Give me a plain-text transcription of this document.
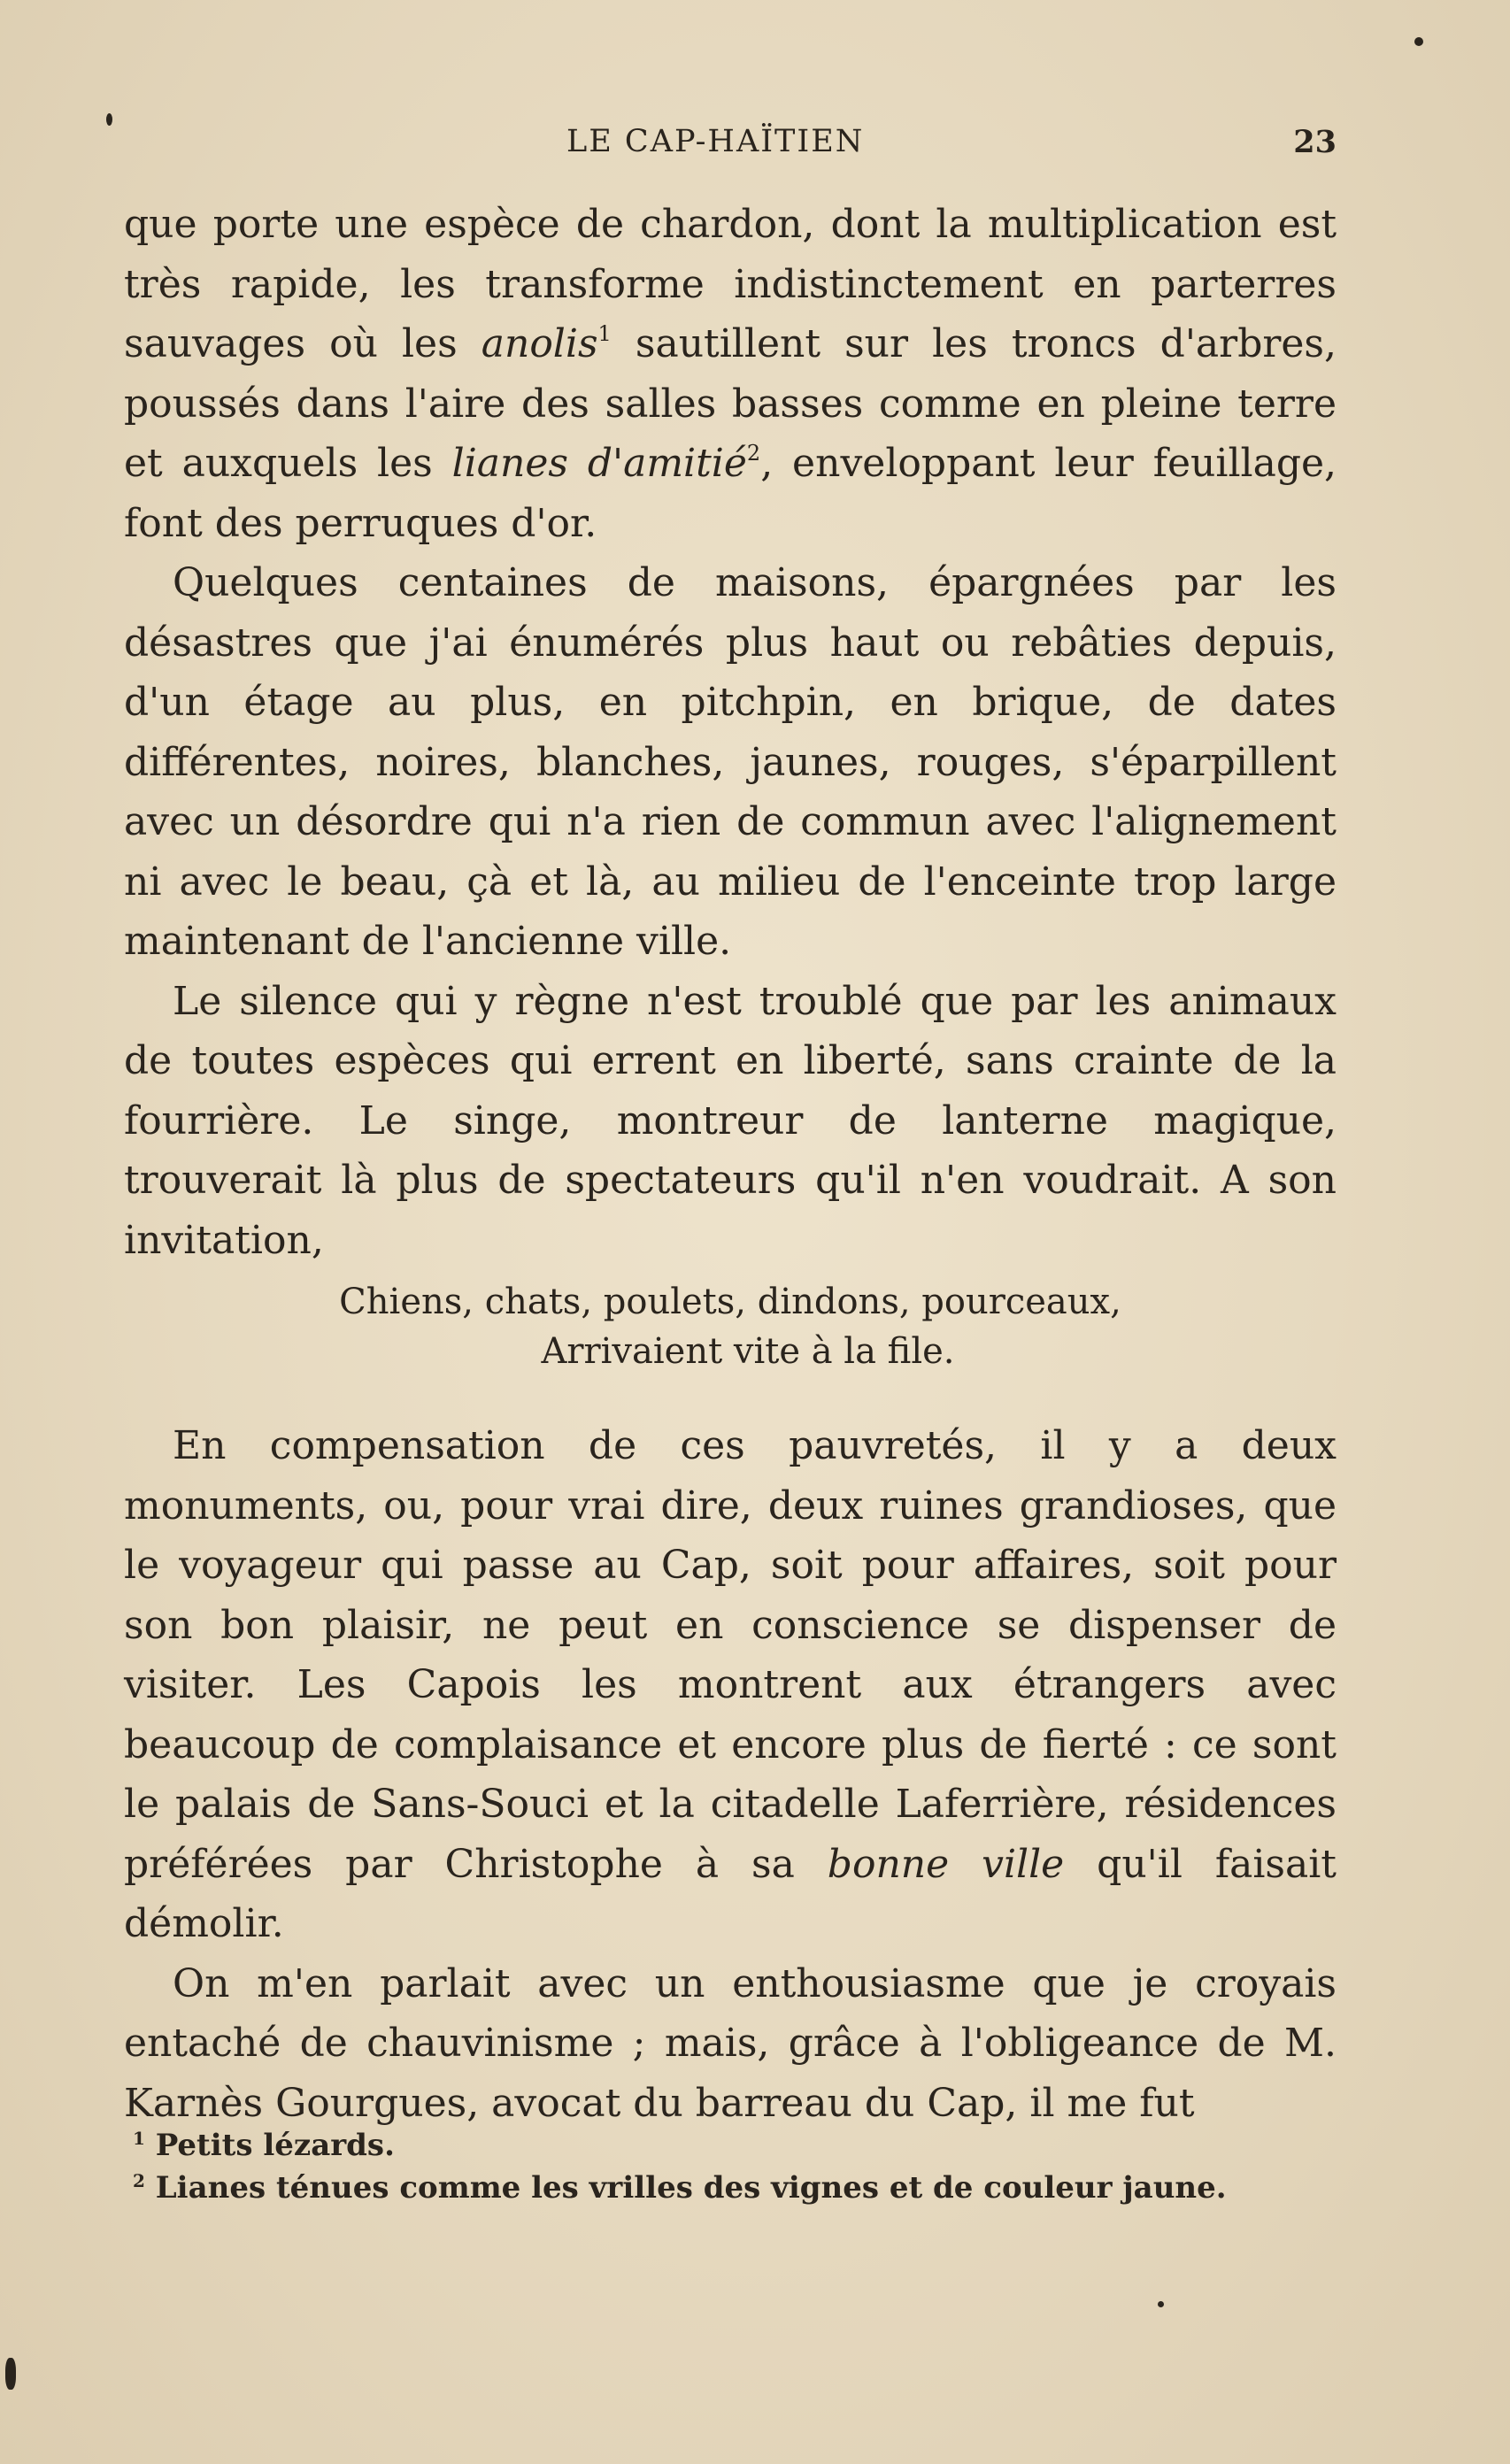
LE CAP-HAÏTIEN	23

que porte une espèce de chardon, dont la multiplication est très rapide, les transforme indistinctement en parterres sauvages où les anolis$^1$ sautillent sur les troncs d'arbres, poussés dans l'aire des salles basses comme en pleine terre et auxquels les lianes d'amitié$^2$, enveloppant leur feuillage, font des perruques d'or.

Quelques centaines de maisons, épargnées par les désastres que j'ai énumérés plus haut ou rebâties depuis, d'un étage au plus, en pitchpin, en brique, de dates différentes, noires, blanches, jaunes, rouges, s'éparpillent avec un désordre qui n'a rien de commun avec l'alignement ni avec le beau, çà et là, au milieu de l'enceinte trop large maintenant de l'ancienne ville.

Le silence qui y règne n'est troublé que par les animaux de toutes espèces qui errent en liberté, sans crainte de la fourrière. Le singe, montreur de lanterne magique, trouverait là plus de spectateurs qu'il n'en voudrait. A son invitation,

Chiens, chats, poulets, dindons, pourceaux,
Arrivaient vite à la file.

En compensation de ces pauvretés, il y a deux monuments, ou, pour vrai dire, deux ruines grandioses, que le voyageur qui passe au Cap, soit pour affaires, soit pour son bon plaisir, ne peut en conscience se dispenser de visiter. Les Capois les montrent aux étrangers avec beaucoup de complaisance et encore plus de fierté : ce sont le palais de Sans-Souci et la citadelle Laferrière, résidences préférées par Christophe à sa bonne ville qu'il faisait démolir.

On m'en parlait avec un enthousiasme que je croyais entaché de chauvinisme ; mais, grâce à l'obligeance de M. Karnès Gourgues, avocat du barreau du Cap, il me fut

$^1$ Petits lézards.
$^2$ Lianes ténues comme les vrilles des vignes et de couleur jaune.
